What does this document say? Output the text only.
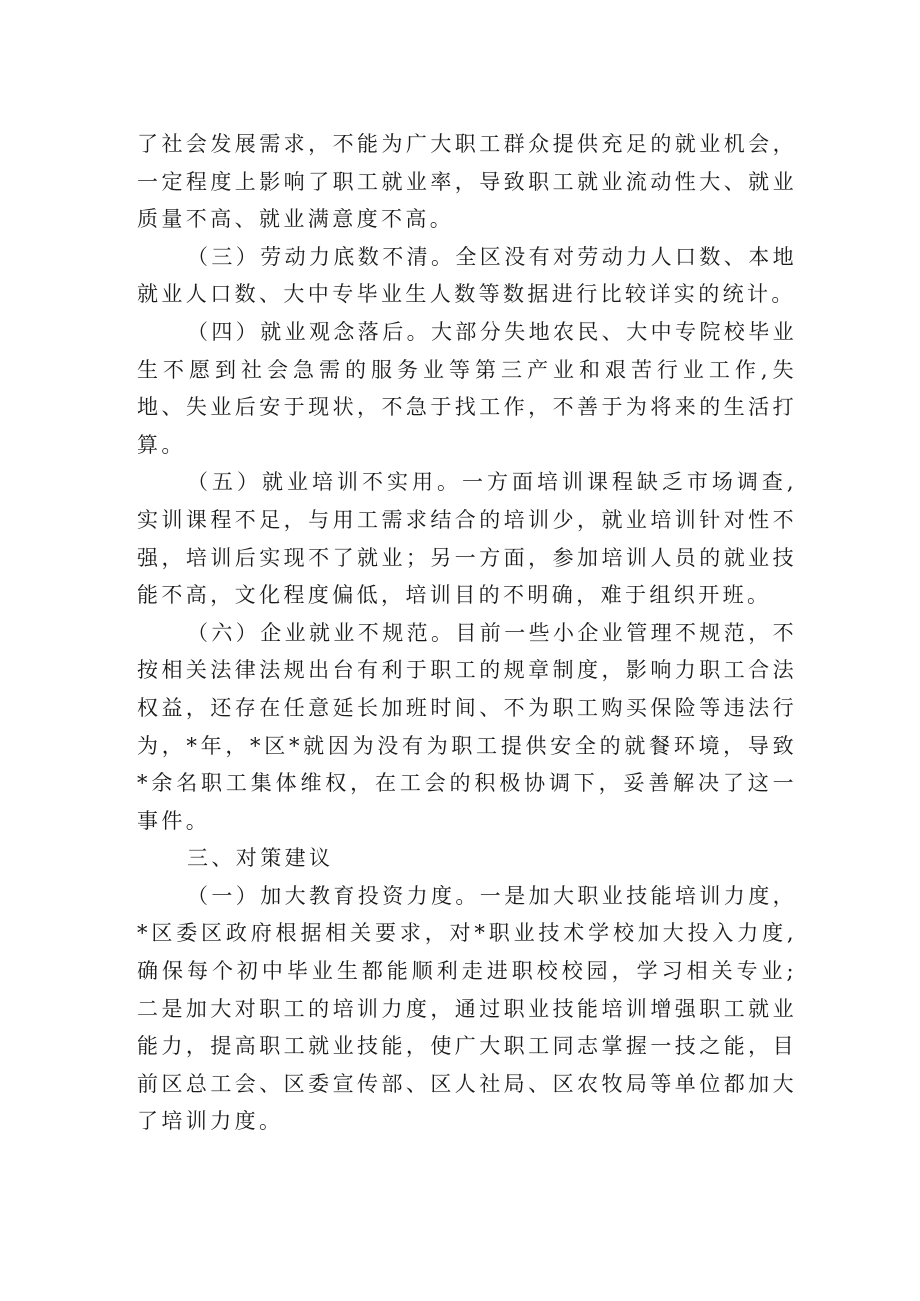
了社会发展需求，不能为广大职工群众提供充足的就业机会，一定程度上影响了职工就业率，导致职工就业流动性大、就业质量不高、就业满意度不高。

（三）劳动力底数不清。全区没有对劳动力人口数、本地就业人口数、大中专毕业生人数等数据进行比较详实的统计。

（四）就业观念落后。大部分失地农民、大中专院校毕业生不愿到社会急需的服务业等第三产业和艰苦行业工作,失地、失业后安于现状，不急于找工作，不善于为将来的生活打算。

（五）就业培训不实用。一方面培训课程缺乏市场调查,实训课程不足，与用工需求结合的培训少，就业培训针对性不强，培训后实现不了就业；另一方面，参加培训人员的就业技能不高，文化程度偏低，培训目的不明确，难于组织开班。

（六）企业就业不规范。目前一些小企业管理不规范，不按相关法律法规出台有利于职工的规章制度，影响力职工合法权益，还存在任意延长加班时间、不为职工购买保险等违法行为，*年，*区*就因为没有为职工提供安全的就餐环境，导致*余名职工集体维权，在工会的积极协调下，妥善解决了这一事件。

三、对策建议

（一）加大教育投资力度。一是加大职业技能培训力度，*区委区政府根据相关要求，对*职业技术学校加大投入力度,确保每个初中毕业生都能顺利走进职校校园，学习相关专业;二是加大对职工的培训力度，通过职业技能培训增强职工就业能力，提高职工就业技能，使广大职工同志掌握一技之能，目前区总工会、区委宣传部、区人社局、区农牧局等单位都加大了培训力度。
